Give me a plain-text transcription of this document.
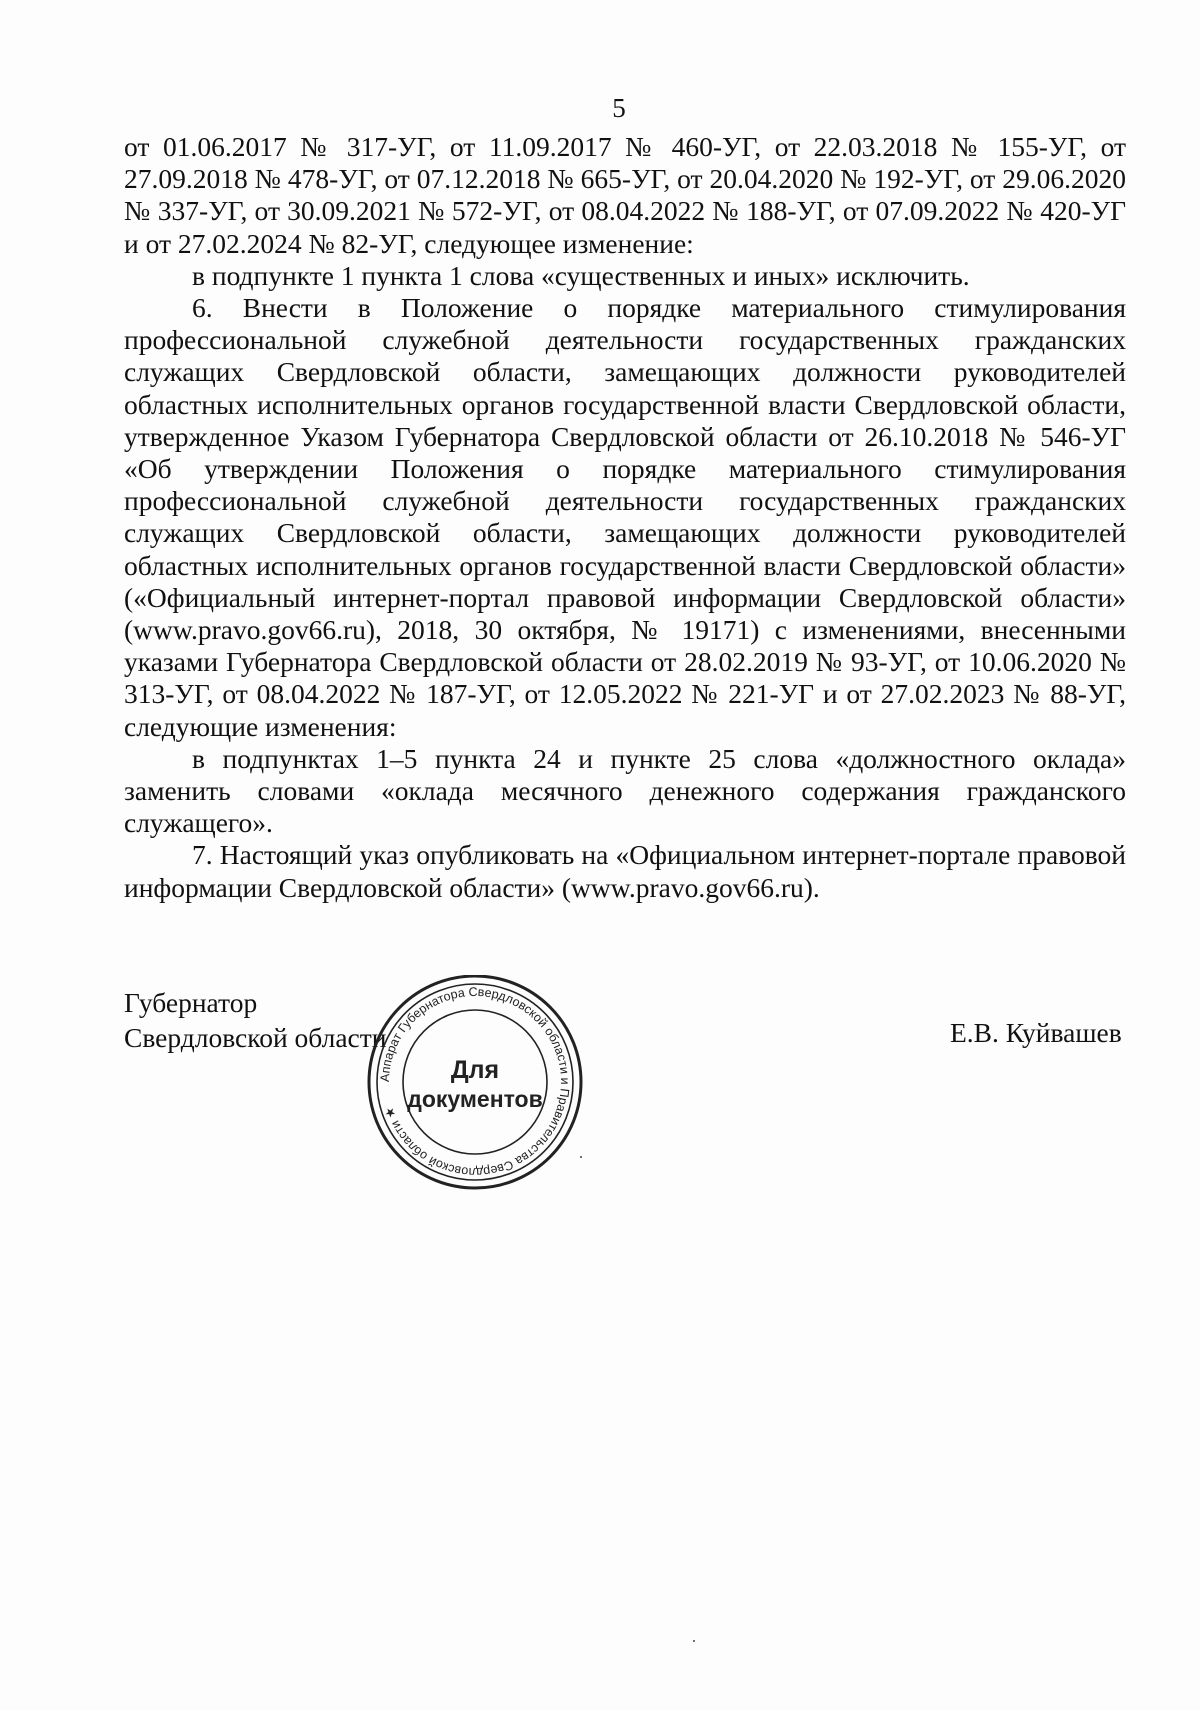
5

от 01.06.2017 № 317-УГ, от 11.09.2017 № 460-УГ, от 22.03.2018 № 155-УГ, от 27.09.2018 № 478-УГ, от 07.12.2018 № 665-УГ, от 20.04.2020 № 192-УГ, от 29.06.2020 № 337-УГ, от 30.09.2021 № 572-УГ, от 08.04.2022 № 188-УГ, от 07.09.2022 № 420-УГ и от 27.02.2024 № 82-УГ, следующее изменение:

в подпункте 1 пункта 1 слова «существенных и иных» исключить.

6. Внести в Положение о порядке материального стимулирования профессиональной служебной деятельности государственных гражданских служащих Свердловской области, замещающих должности руководителей областных исполнительных органов государственной власти Свердловской области, утвержденное Указом Губернатора Свердловской области от 26.10.2018 № 546-УГ «Об утверждении Положения о порядке материального стимулирования профессиональной служебной деятельности государственных гражданских служащих Свердловской области, замещающих должности руководителей областных исполнительных органов государственной власти Свердловской области» («Официальный интернет-портал правовой информации Свердловской области» (www.pravo.gov66.ru), 2018, 30 октября, № 19171) с изменениями, внесенными указами Губернатора Свердловской области от 28.02.2019 № 93-УГ, от 10.06.2020 № 313-УГ, от 08.04.2022 № 187-УГ, от 12.05.2022 № 221-УГ и от 27.02.2023 № 88-УГ, следующие изменения:

в подпунктах 1–5 пункта 24 и пункте 25 слова «должностного оклада» заменить словами «оклада месячного денежного содержания гражданского служащего».

7. Настоящий указ опубликовать на «Официальном интернет-портале правовой информации Свердловской области» (www.pravo.gov66.ru).

Губернатор
Свердловской области	Е.В. Куйвашев
Аппарат Губернатора Свердловской области и Правительства Свердловской области ★
Для
документов
